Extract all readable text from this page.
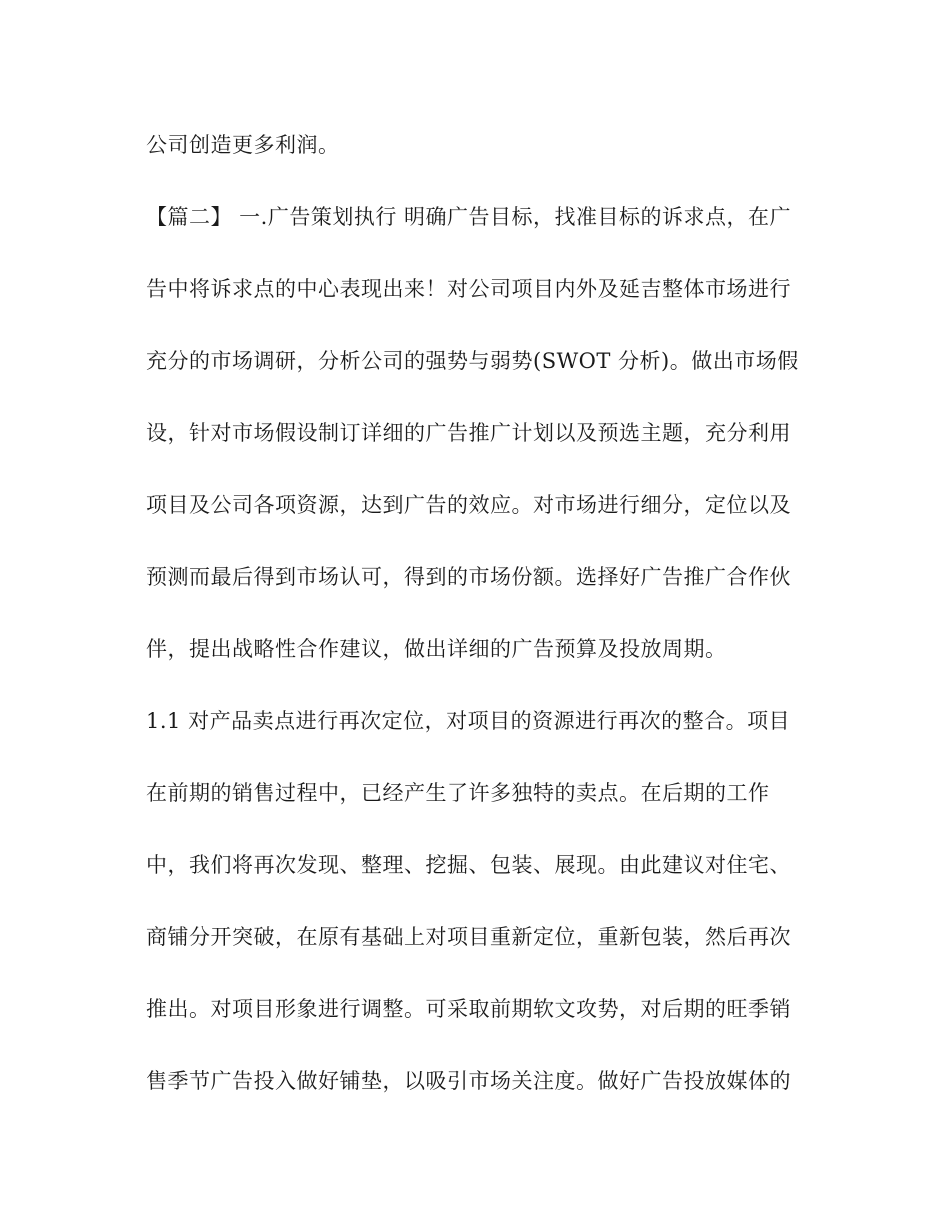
公司创造更多利润。
【篇二】 一.广告策划执行 明确广告目标，找准目标的诉求点，在广
告中将诉求点的中心表现出来！对公司项目内外及延吉整体市场进行
充分的市场调研，分析公司的强势与弱势(SWOT 分析)。做出市场假
设，针对市场假设制订详细的广告推广计划以及预选主题，充分利用
项目及公司各项资源，达到广告的效应。对市场进行细分，定位以及
预测而最后得到市场认可，得到的市场份额。选择好广告推广合作伙
伴，提出战略性合作建议，做出详细的广告预算及投放周期。
1.1 对产品卖点进行再次定位，对项目的资源进行再次的整合。项目
在前期的销售过程中，已经产生了许多独特的卖点。在后期的工作
中，我们将再次发现、整理、挖掘、包装、展现。由此建议对住宅、
商铺分开突破，在原有基础上对项目重新定位，重新包装，然后再次
推出。对项目形象进行调整。可采取前期软文攻势，对后期的旺季销
售季节广告投入做好铺垫，以吸引市场关注度。做好广告投放媒体的
